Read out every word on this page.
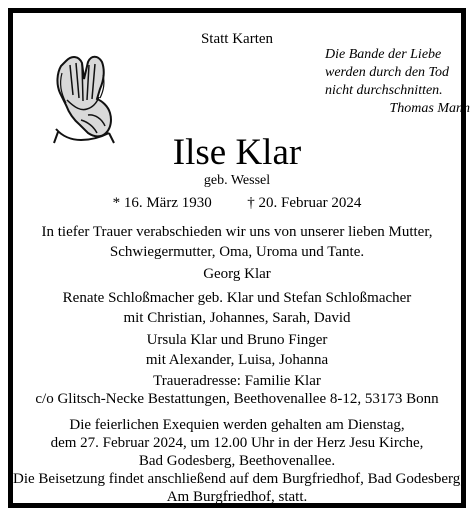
Statt Karten
Die Bande der Liebe
werden durch den Tod
nicht durchschnitten.
Thomas Mann
Ilse Klar
geb. Wessel
* 16. März 1930 † 20. Februar 2024
In tiefer Trauer verabschieden wir uns von unserer lieben Mutter,
Schwiegermutter, Oma, Uroma und Tante.
Georg Klar
Renate Schloßmacher geb. Klar und Stefan Schloßmacher
mit Christian, Johannes, Sarah, David
Ursula Klar und Bruno Finger
mit Alexander, Luisa, Johanna
Traueradresse: Familie Klar
c/o Glitsch-Necke Bestattungen, Beethovenallee 8-12, 53173 Bonn
Die feierlichen Exequien werden gehalten am Dienstag,
dem 27. Februar 2024, um 12.00 Uhr in der Herz Jesu Kirche,
Bad Godesberg, Beethovenallee.
Die Beisetzung findet anschließend auf dem Burgfriedhof, Bad Godesberg,
Am Burgfriedhof, statt.
